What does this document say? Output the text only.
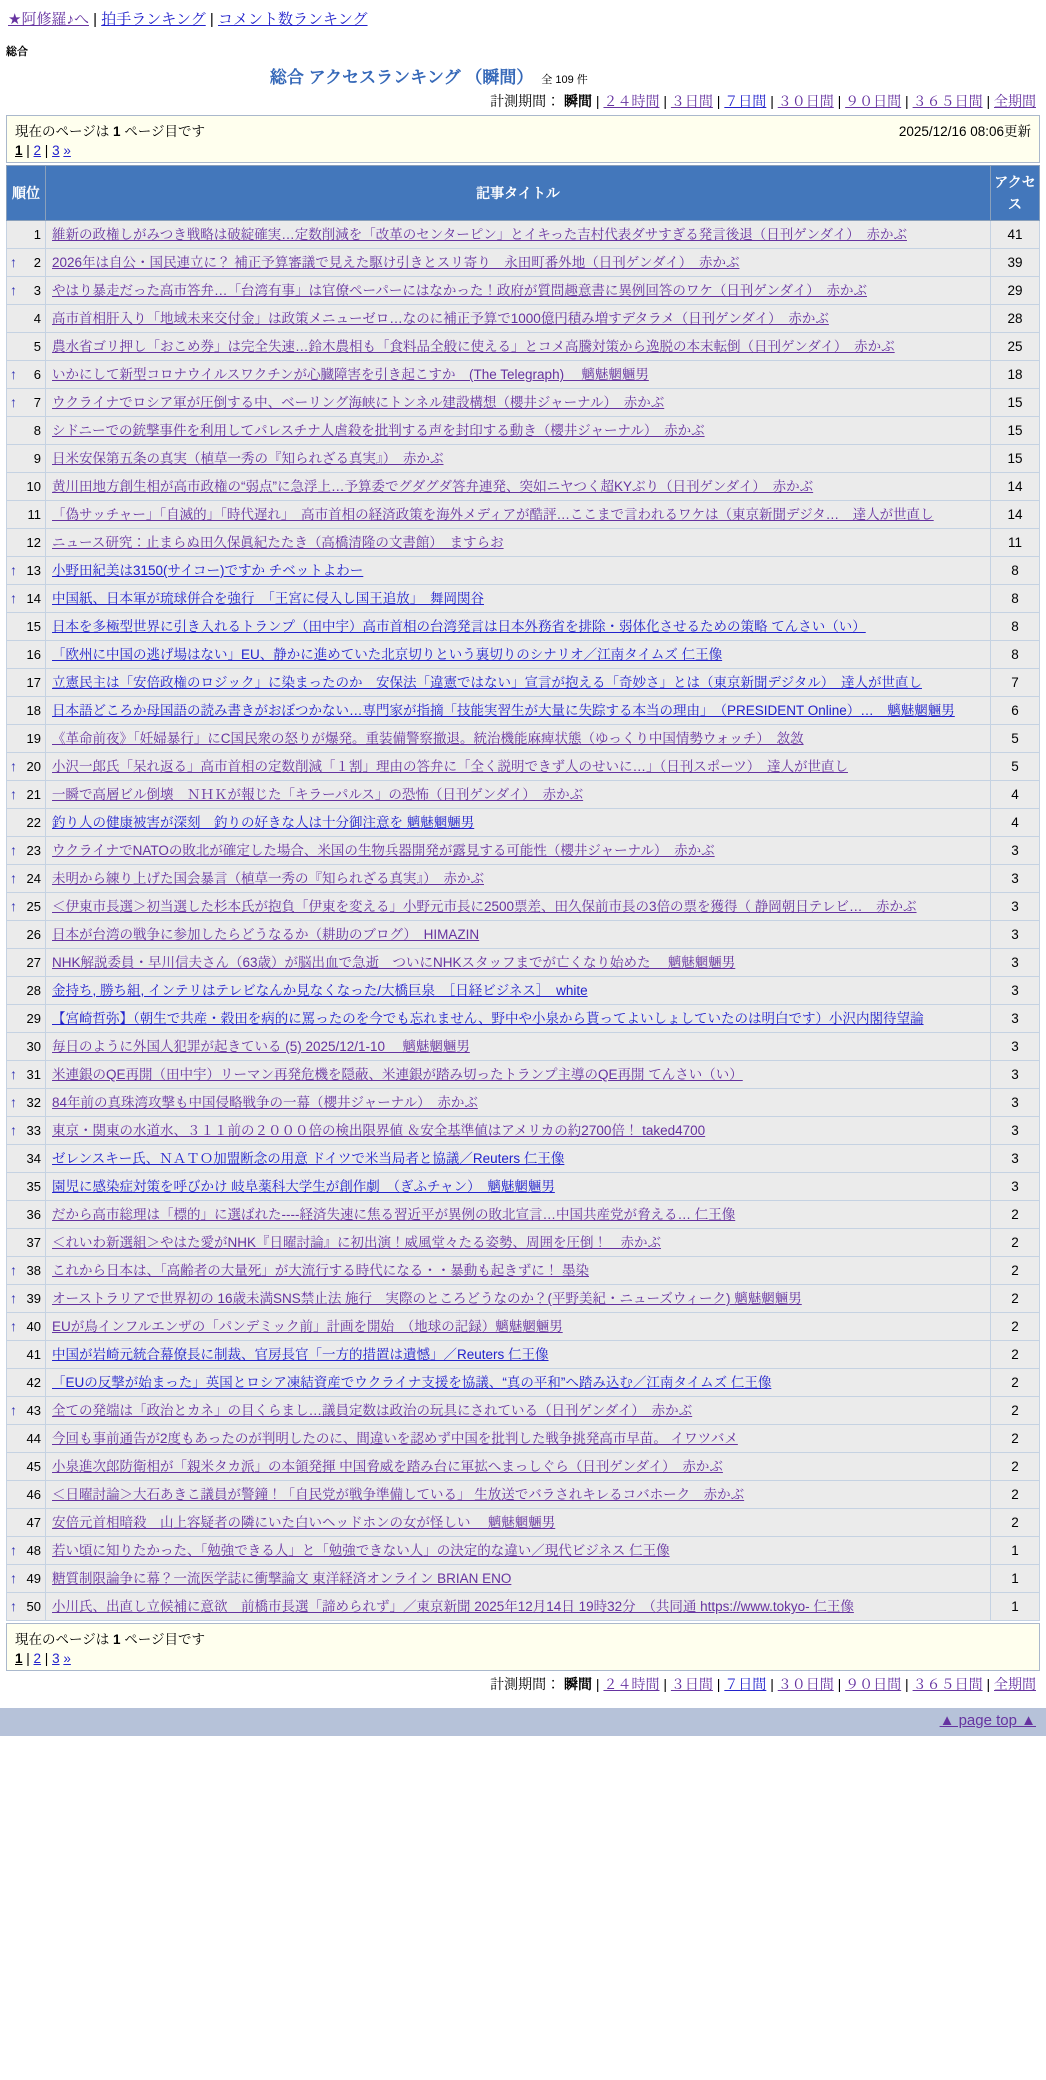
★阿修羅♪へ | 拍手ランキング | コメント数ランキング
総合
総合 アクセスランキング （瞬間） 全 109 件
計測期間： 瞬間 | ２４時間 | ３日間 | ７日間 | ３０日間 | ９０日間 | ３６５日間 | 全期間
現在のページは 1 ページ目です	2025/12/16 08:06更新
1 | 2 | 3 »
順位	記事タイトル	アクセス

1	維新の政権しがみつき戦略は破綻確実…定数削減を「改革のセンターピン」とイキった吉村代表ダサすぎる発言後退（日刊ゲンダイ）　赤かぶ	41

↑ 2	2026年は自公・国民連立に？ 補正予算審議で見えた駆け引きとスリ寄り　永田町番外地（日刊ゲンダイ）　赤かぶ	39

↑ 3	やはり暴走だった高市答弁…「台湾有事」は官僚ペーパーにはなかった！政府が質問趣意書に異例回答のワケ（日刊ゲンダイ）　赤かぶ	29

4	高市首相肝入り「地域未来交付金」は政策メニューゼロ…なのに補正予算で1000億円積み増すデタラメ（日刊ゲンダイ）　赤かぶ	28

5	農水省ゴリ押し「おこめ券」は完全失速…鈴木農相も「食料品全般に使える」とコメ高騰対策から逸脱の本末転倒（日刊ゲンダイ）　赤かぶ	25

↑ 6	いかにして新型コロナウイルスワクチンが心臓障害を引き起こすか　(The Telegraph)　 魑魅魍魎男	18

↑ 7	ウクライナでロシア軍が圧倒する中、ベーリング海峡にトンネル建設構想（櫻井ジャーナル）　赤かぶ	15

8	シドニーでの銃撃事件を利用してパレスチナ人虐殺を批判する声を封印する動き（櫻井ジャーナル）　赤かぶ	15

9	日米安保第五条の真実（植草一秀の『知られざる真実』）　赤かぶ	15

10	黄川田地方創生相が高市政権の“弱点”に急浮上…予算委でグダグダ答弁連発、突如ニヤつく超KYぶり（日刊ゲンダイ）　赤かぶ	14

11	「偽サッチャー」「自滅的」「時代遅れ」　高市首相の経済政策を海外メディアが酷評…ここまで言われるワケは（東京新聞デジタ…　達人が世直し	14

12	ニュース研究：止まらぬ田久保眞紀たたき（高橋清隆の文書館）　ますらお	11

↑ 13	小野田紀美は3150(サイコー)ですか チベットよわー	8

↑ 14	中国紙、日本軍が琉球併合を強行　「王宮に侵入し国王追放」　舞岡関谷	8

15	日本を多極型世界に引き入れるトランプ（田中宇）高市首相の台湾発言は日本外務省を排除・弱体化させるための策略 てんさい（い）	8

16	「欧州に中国の逃げ場はない」EU、静かに進めていた北京切りという裏切りのシナリオ／江南タイムズ 仁王像	8

17	立憲民主は「安倍政権のロジック」に染まったのか　安保法「違憲ではない」宣言が抱える「奇妙さ」とは（東京新聞デジタル）　達人が世直し	7

18	日本語どころか母国語の読み書きがおぼつかない…専門家が指摘「技能実習生が大量に失踪する本当の理由」　（PRESIDENT Online）…　魑魅魍魎男	6

19	《革命前夜》「妊婦暴行」にC国民衆の怒りが爆発。重装備警察撤退。統治機能麻痺状態（ゆっくり中国情勢ウォッチ）　敜敜	5

↑ 20	小沢一郎氏「呆れ返る」高市首相の定数削減「１割」理由の答弁に「全く説明できず人のせいに…」（日刊スポーツ）　達人が世直し	5

↑ 21	一瞬で高層ビル倒壊　ＮＨＫが報じた「キラーパルス」の恐怖（日刊ゲンダイ）　赤かぶ	4

22	釣り人の健康被害が深刻　釣りの好きな人は十分御注意を 魑魅魍魎男	4

↑ 23	ウクライナでNATOの敗北が確定した場合、米国の生物兵器開発が露見する可能性（櫻井ジャーナル）　赤かぶ	3

↑ 24	未明から練り上げた国会暴言（植草一秀の『知られざる真実』）　赤かぶ	3

↑ 25	＜伊東市長選＞初当選した杉本氏が抱負「伊東を変える」小野元市長に2500票差、田久保前市長の3倍の票を獲得（ 静岡朝日テレビ…　赤かぶ	3

26	日本が台湾の戦争に参加したらどうなるか（耕助のブログ）　HIMAZIN	3

27	NHK解説委員・早川信夫さん（63歳）が脳出血で急逝　ついにNHKスタッフまでが亡くなり始めた　 魑魅魍魎男	3

28	金持ち, 勝ち組, インテリはテレビなんか見なくなった/大橋巨泉　［日経ビジネス］　white	3

29	【宮崎哲弥】（朝生で共産・穀田を病的に罵ったのを今でも忘れません、野中や小泉から貰ってよいしょしていたのは明白です）小沢内閣待望論	3

30	毎日のように外国人犯罪が起きている (5) 2025/12/1-10　 魑魅魍魎男	3

↑ 31	米連銀のQE再開（田中宇）リーマン再発危機を隠蔽、米連銀が踏み切ったトランプ主導のQE再開 てんさい（い）	3

↑ 32	84年前の真珠湾攻撃も中国侵略戦争の一幕（櫻井ジャーナル）　赤かぶ	3

↑ 33	東京・関東の水道水、３１１前の２０００倍の検出限界値 ＆安全基準値はアメリカの約2700倍！ taked4700	3

34	ゼレンスキー氏、ＮＡＴＯ加盟断念の用意 ドイツで米当局者と協議／Reuters 仁王像	3

35	園児に感染症対策を呼びかけ 岐阜薬科大学生が創作劇　（ぎふチャン）　魑魅魍魎男	3

36	だから高市総理は「標的」に選ばれた----経済失速に焦る習近平が異例の敗北宣言…中国共産党が脅える… 仁王像	2

37	＜れいわ新選組＞やはた愛がNHK『日曜討論』に初出演！威風堂々たる姿勢、周囲を圧倒！　赤かぶ	2

↑ 38	これから日本は、「高齢者の大量死」が大流行する時代になる・・暴動も起きずに！ 墨染	2

↑ 39	オーストラリアで世界初の 16歳未満SNS禁止法 施行　実際のところどうなのか？(平野美紀・ニューズウィーク) 魑魅魍魎男	2

↑ 40	EUが鳥インフルエンザの「パンデミック前」計画を開始　（地球の記録）魑魅魍魎男	2

41	中国が岩崎元統合幕僚長に制裁、官房長官「一方的措置は遺憾」／Reuters 仁王像	2

42	「EUの反撃が始まった」英国とロシア凍結資産でウクライナ支援を協議、“真の平和”へ踏み込む／江南タイムズ 仁王像	2

↑ 43	全ての発端は「政治とカネ」の目くらまし…議員定数は政治の玩具にされている（日刊ゲンダイ）　赤かぶ	2

44	今回も事前通告が2度もあったのが判明したのに、間違いを認めず中国を批判した戦争挑発高市早苗。 イワツバメ	2

45	小泉進次郎防衛相が「親米タカ派」の本領発揮 中国脅威を踏み台に軍拡へまっしぐら（日刊ゲンダイ）　赤かぶ	2

46	＜日曜討論＞大石あきこ議員が警鐘！「自民党が戦争準備している」 生放送でバラされキレるコバホーク　赤かぶ	2

47	安倍元首相暗殺　山上容疑者の隣にいた白いヘッドホンの女が怪しい　 魑魅魍魎男	2

↑ 48	若い頃に知りたかった、「勉強できる人」と「勉強できない人」の決定的な違い／現代ビジネス 仁王像	1

↑ 49	糖質制限論争に幕？一流医学誌に衝撃論文 東洋経済オンライン BRIAN ENO	1

↑ 50	小川氏、出直し立候補に意欲　前橋市長選「諦められず」／東京新聞 2025年12月14日 19時32分　（共同通 https://www.tokyo- 仁王像	1
現在のページは 1 ページ目です
1 | 2 | 3 »
計測期間： 瞬間 | ２４時間 | ３日間 | ７日間 | ３０日間 | ９０日間 | ３６５日間 | 全期間
▲ page top ▲
